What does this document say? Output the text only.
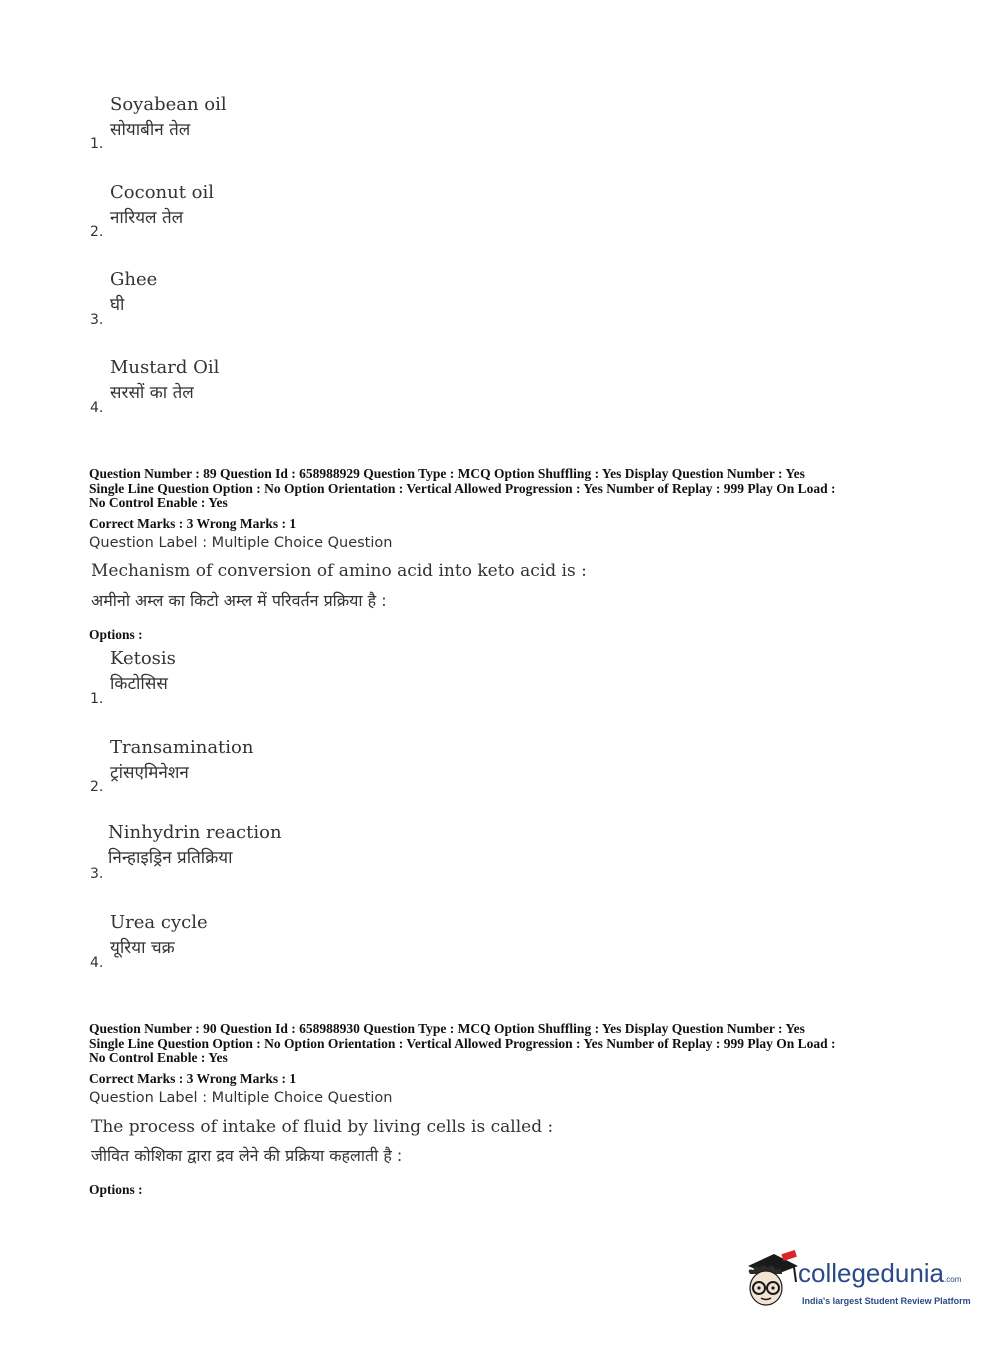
Soyabean oil
सोयाबीन तेल
1.
Coconut oil
नारियल तेल
2.
Ghee
घी
3.
Mustard Oil
सरसों का तेल
4.
Question Number : 89 Question Id : 658988929 Question Type : MCQ Option Shuffling : Yes Display Question Number : Yes
Single Line Question Option : No Option Orientation : Vertical Allowed Progression : Yes Number of Replay : 999 Play On Load :
No Control Enable : Yes
Correct Marks : 3 Wrong Marks : 1
Question Label : Multiple Choice Question
Mechanism of conversion of amino acid into keto acid is :
अमीनो अम्ल का किटो अम्ल में परिवर्तन प्रक्रिया है :
Options :
Ketosis
किटोसिस
1.
Transamination
ट्रांसएमिनेशन
2.
Ninhydrin reaction
निन्हाइड्रिन प्रतिक्रिया
3.
Urea cycle
यूरिया चक्र
4.
Question Number : 90 Question Id : 658988930 Question Type : MCQ Option Shuffling : Yes Display Question Number : Yes
Single Line Question Option : No Option Orientation : Vertical Allowed Progression : Yes Number of Replay : 999 Play On Load :
No Control Enable : Yes
Correct Marks : 3 Wrong Marks : 1
Question Label : Multiple Choice Question
The process of intake of fluid by living cells is called :
जीवित कोशिका द्वारा द्रव लेने की प्रक्रिया कहलाती है :
Options :
collegedunia.com
India's largest Student Review Platform
